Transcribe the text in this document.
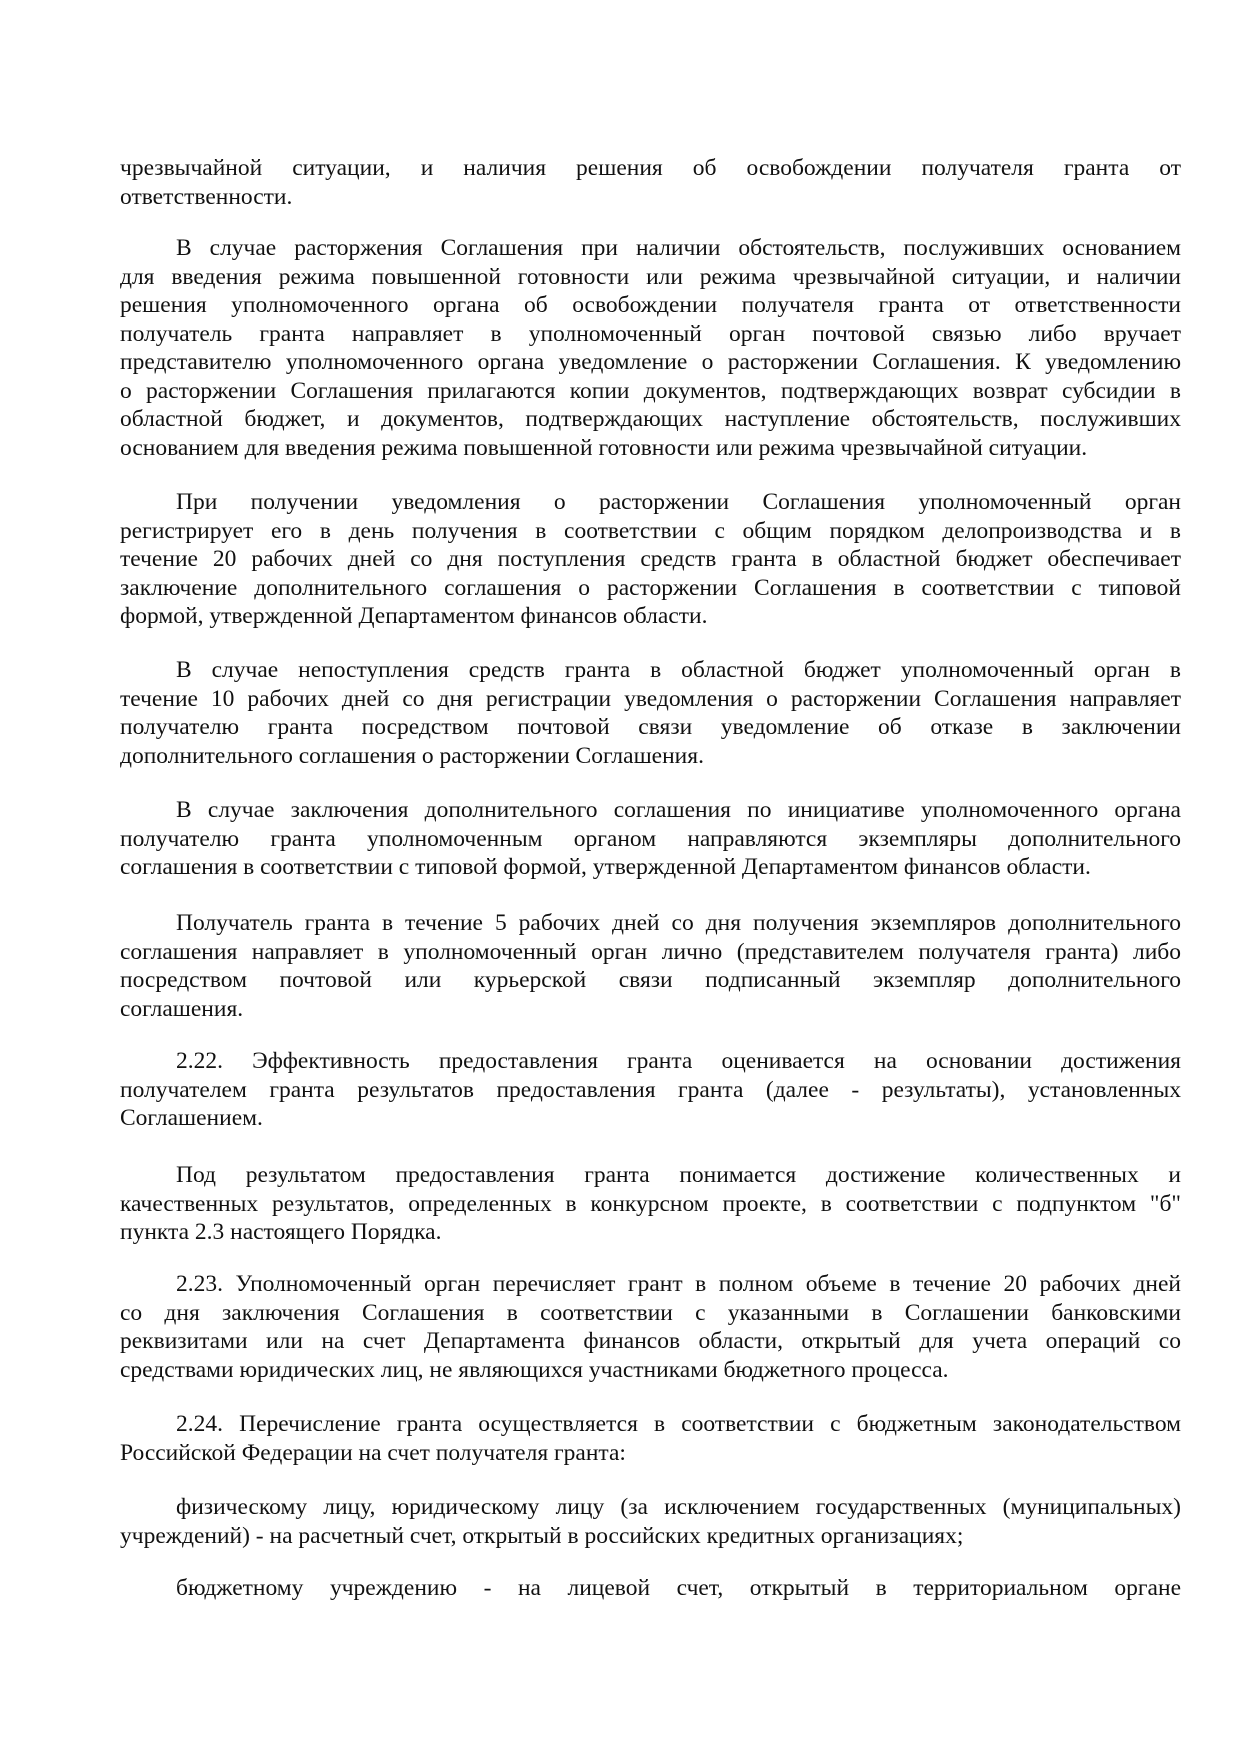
чрезвычайной ситуации, и наличия решения об освобождении получателя гранта от
ответственности.
В случае расторжения Соглашения при наличии обстоятельств, послуживших основанием
для введения режима повышенной готовности или режима чрезвычайной ситуации, и наличии
решения уполномоченного органа об освобождении получателя гранта от ответственности
получатель гранта направляет в уполномоченный орган почтовой связью либо вручает
представителю уполномоченного органа уведомление о расторжении Соглашения. К уведомлению
о расторжении Соглашения прилагаются копии документов, подтверждающих возврат субсидии в
областной бюджет, и документов, подтверждающих наступление обстоятельств, послуживших
основанием для введения режима повышенной готовности или режима чрезвычайной ситуации.
При получении уведомления о расторжении Соглашения уполномоченный орган
регистрирует его в день получения в соответствии с общим порядком делопроизводства и в
течение 20 рабочих дней со дня поступления средств гранта в областной бюджет обеспечивает
заключение дополнительного соглашения о расторжении Соглашения в соответствии с типовой
формой, утвержденной Департаментом финансов области.
В случае непоступления средств гранта в областной бюджет уполномоченный орган в
течение 10 рабочих дней со дня регистрации уведомления о расторжении Соглашения направляет
получателю гранта посредством почтовой связи уведомление об отказе в заключении
дополнительного соглашения о расторжении Соглашения.
В случае заключения дополнительного соглашения по инициативе уполномоченного органа
получателю гранта уполномоченным органом направляются экземпляры дополнительного
соглашения в соответствии с типовой формой, утвержденной Департаментом финансов области.
Получатель гранта в течение 5 рабочих дней со дня получения экземпляров дополнительного
соглашения направляет в уполномоченный орган лично (представителем получателя гранта) либо
посредством почтовой или курьерской связи подписанный экземпляр дополнительного
соглашения.
2.22. Эффективность предоставления гранта оценивается на основании достижения
получателем гранта результатов предоставления гранта (далее - результаты), установленных
Соглашением.
Под результатом предоставления гранта понимается достижение количественных и
качественных результатов, определенных в конкурсном проекте, в соответствии с подпунктом "б"
пункта 2.3 настоящего Порядка.
2.23. Уполномоченный орган перечисляет грант в полном объеме в течение 20 рабочих дней
со дня заключения Соглашения в соответствии с указанными в Соглашении банковскими
реквизитами или на счет Департамента финансов области, открытый для учета операций со
средствами юридических лиц, не являющихся участниками бюджетного процесса.
2.24. Перечисление гранта осуществляется в соответствии с бюджетным законодательством
Российской Федерации на счет получателя гранта:
физическому лицу, юридическому лицу (за исключением государственных (муниципальных)
учреждений) - на расчетный счет, открытый в российских кредитных организациях;
бюджетному учреждению - на лицевой счет, открытый в территориальном органе
